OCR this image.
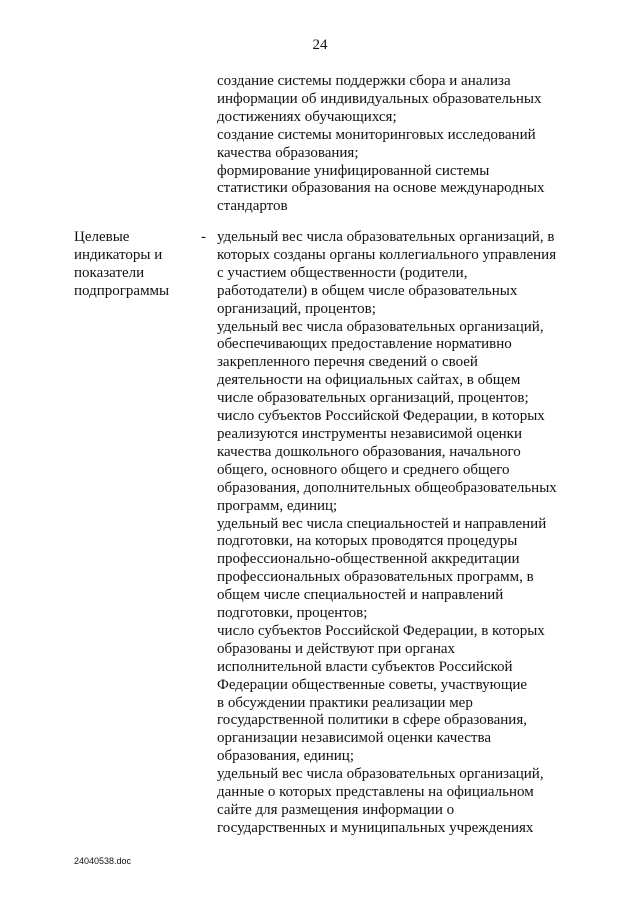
24
создание системы поддержки сбора и анализа
информации об индивидуальных образовательных
достижениях обучающихся;
создание системы мониторинговых исследований
качества образования;
формирование унифицированной системы
статистики образования на основе международных
стандартов
Целевые
индикаторы и
показатели
подпрограммы
- удельный вес числа образовательных организаций, в
которых созданы органы коллегиального управления
с участием общественности (родители,
работодатели) в общем числе образовательных
организаций, процентов;
удельный вес числа образовательных организаций,
обеспечивающих предоставление нормативно
закрепленного перечня сведений о своей
деятельности на официальных сайтах, в общем
числе образовательных организаций, процентов;
число субъектов Российской Федерации, в которых
реализуются инструменты независимой оценки
качества дошкольного образования, начального
общего, основного общего и среднего общего
образования, дополнительных общеобразовательных
программ, единиц;
удельный вес числа специальностей и направлений
подготовки, на которых проводятся процедуры
профессионально-общественной аккредитации
профессиональных образовательных программ, в
общем числе специальностей и направлений
подготовки, процентов;
число субъектов Российской Федерации, в которых
образованы и действуют при органах
исполнительной власти субъектов Российской
Федерации общественные советы, участвующие
в обсуждении практики реализации мер
государственной политики в сфере образования,
организации независимой оценки качества
образования, единиц;
удельный вес числа образовательных организаций,
данные о которых представлены на официальном
сайте для размещения информации о
государственных и муниципальных учреждениях
24040538.doc
